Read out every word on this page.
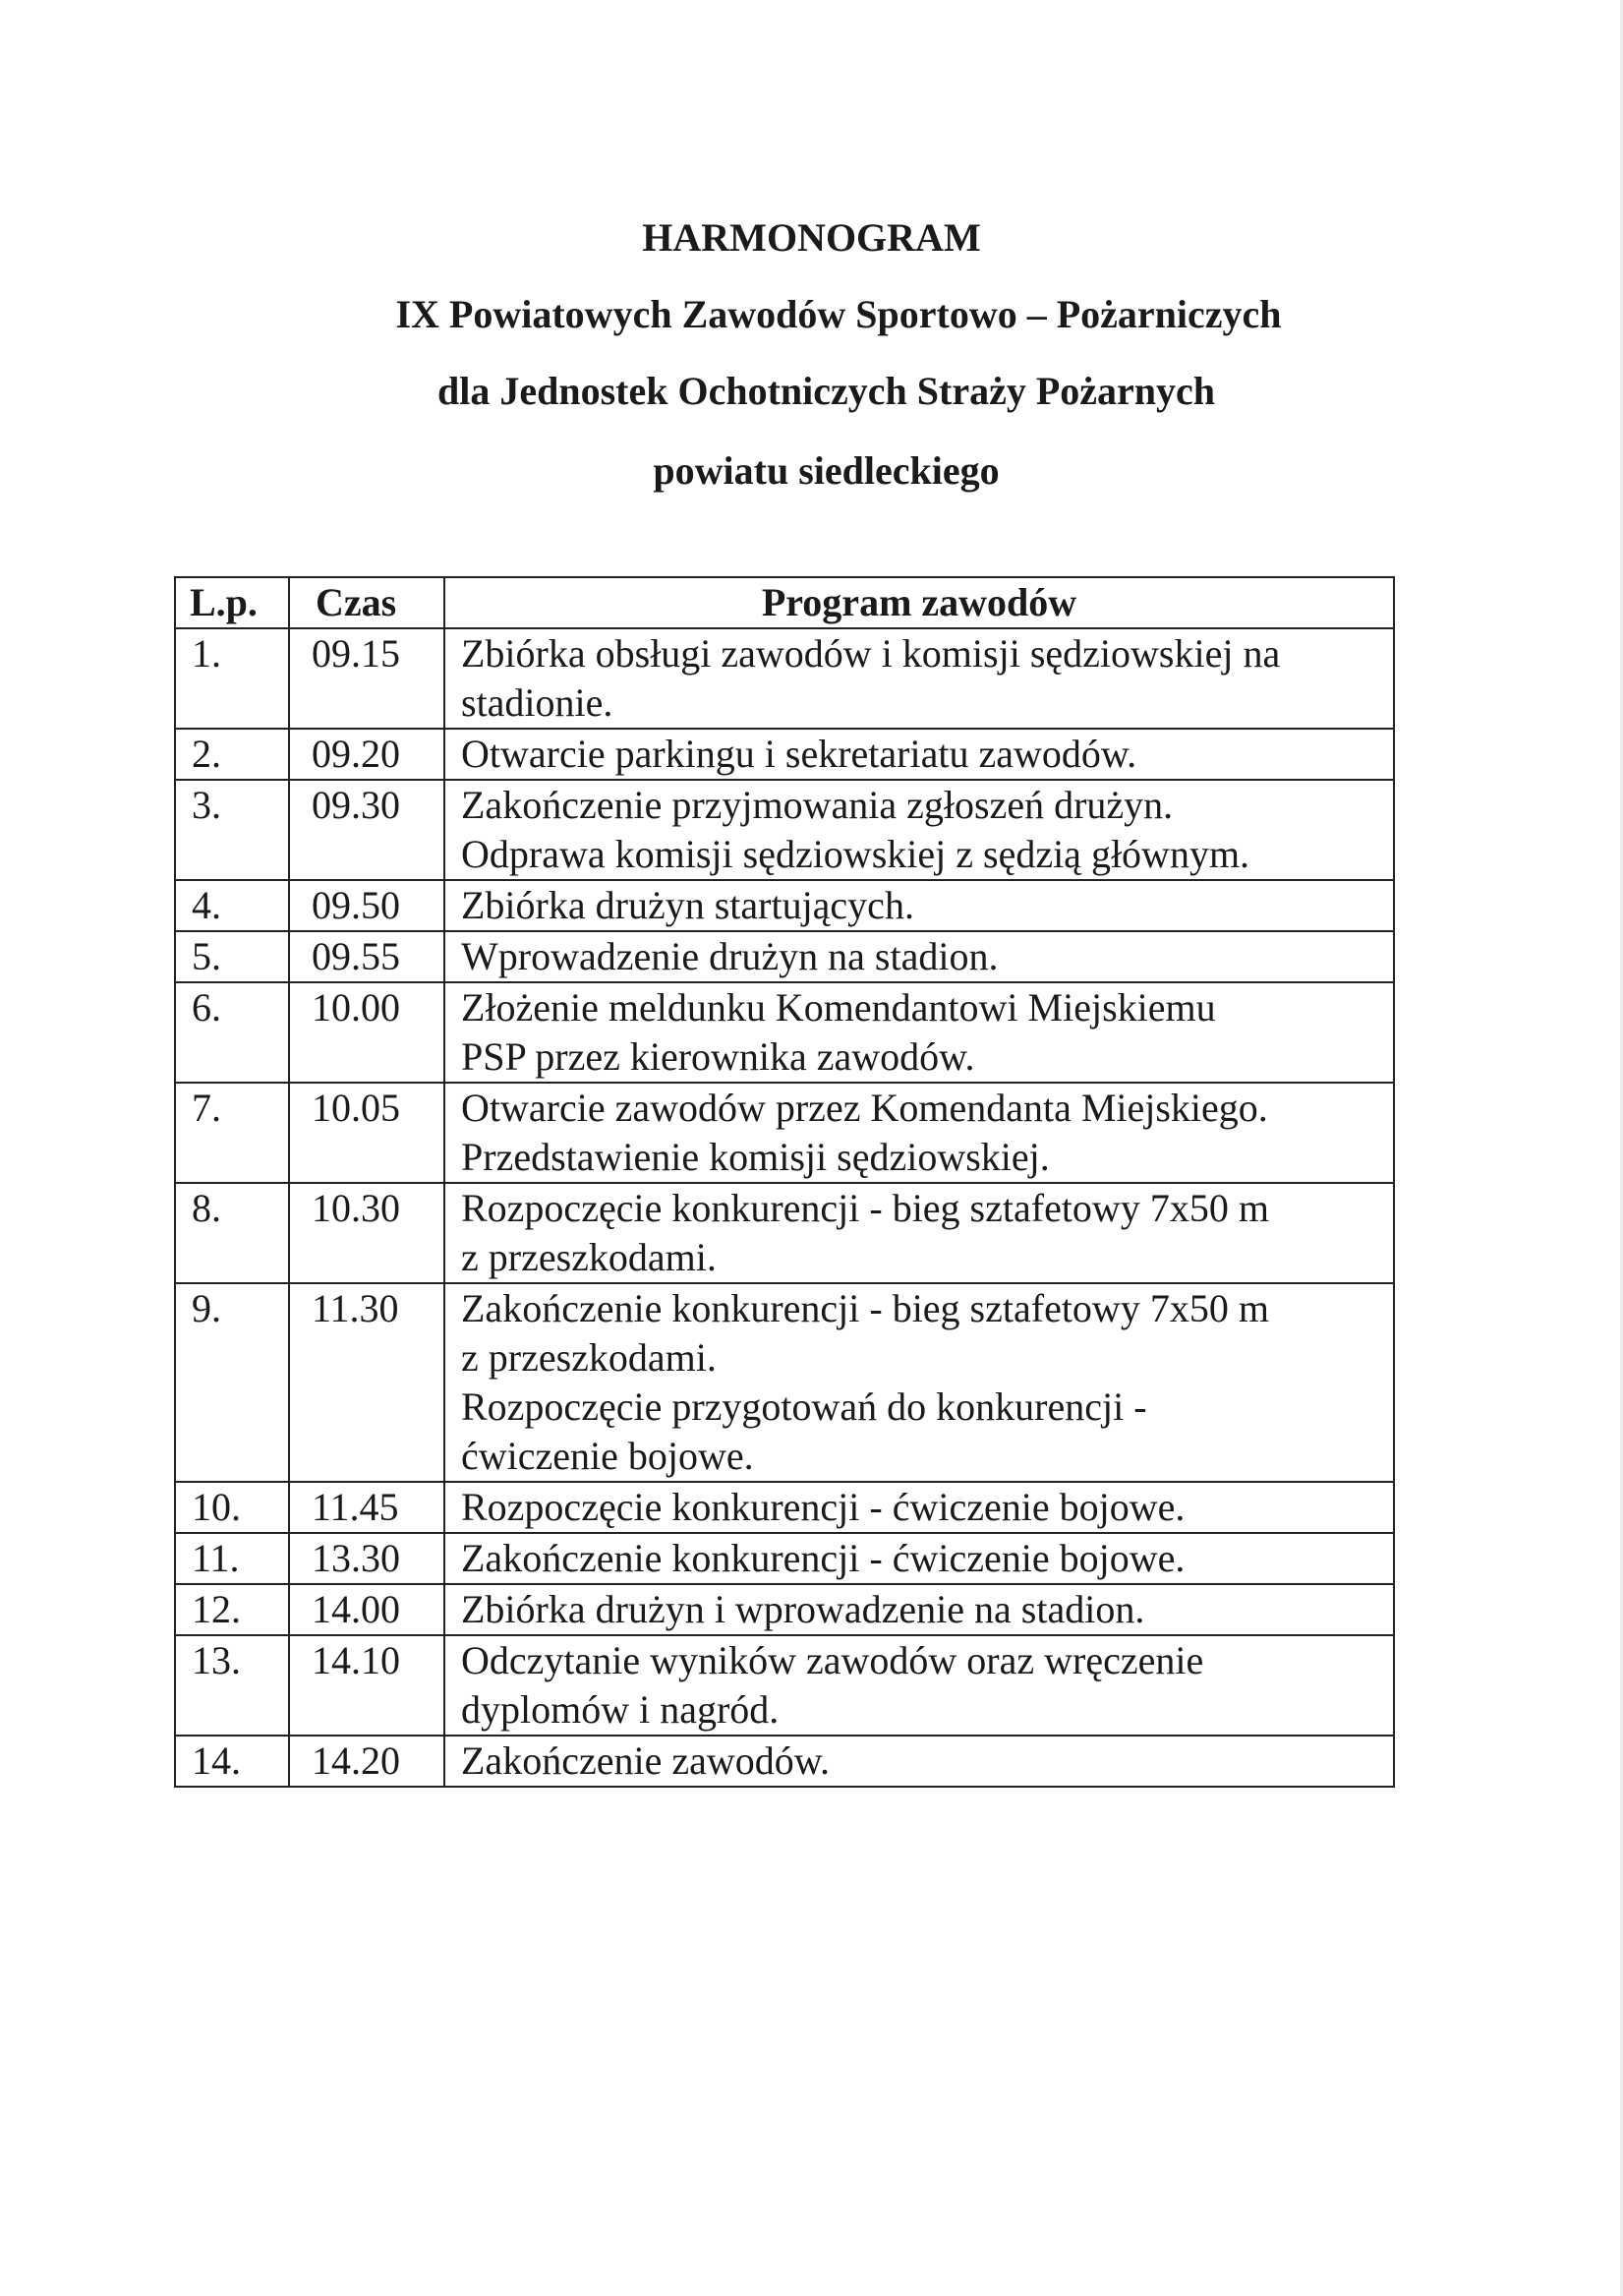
HARMONOGRAM
IX Powiatowych Zawodów Sportowo – Pożarniczych
dla Jednostek Ochotniczych Straży Pożarnych
powiatu siedleckiego
L.p.	Czas	Program zawodów
1.	09.15	Zbiórka obsługi zawodów i komisji sędziowskiej na
stadionie.

2.	09.20	Otwarcie parkingu i sekretariatu zawodów.

3.	09.30	Zakończenie przyjmowania zgłoszeń drużyn.
Odprawa komisji sędziowskiej z sędzią głównym.

4.	09.50	Zbiórka drużyn startujących.

5.	09.55	Wprowadzenie drużyn na stadion.

6.	10.00	Złożenie meldunku Komendantowi Miejskiemu
PSP przez kierownika zawodów.

7.	10.05	Otwarcie zawodów przez Komendanta Miejskiego.
Przedstawienie komisji sędziowskiej.

8.	10.30	Rozpoczęcie konkurencji - bieg sztafetowy 7x50 m
z przeszkodami.

9.	11.30	Zakończenie konkurencji - bieg sztafetowy 7x50 m
z przeszkodami.
Rozpoczęcie przygotowań do konkurencji -
ćwiczenie bojowe.

10.	11.45	Rozpoczęcie konkurencji - ćwiczenie bojowe.

11.	13.30	Zakończenie konkurencji - ćwiczenie bojowe.

12.	14.00	Zbiórka drużyn i wprowadzenie na stadion.

13.	14.10	Odczytanie wyników zawodów oraz wręczenie
dyplomów i nagród.

14.	14.20	Zakończenie zawodów.
